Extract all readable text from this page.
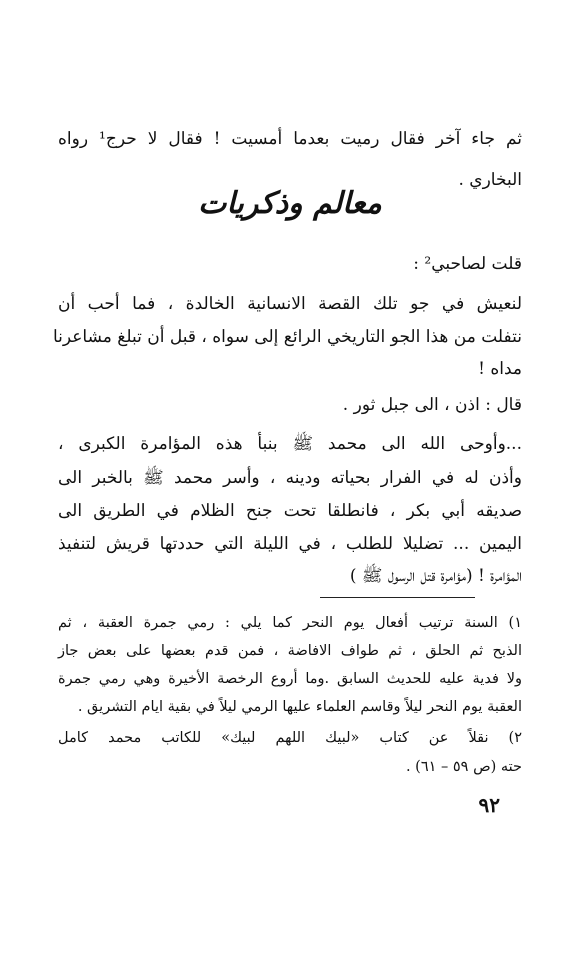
ثم جاء آخر فقال رميت بعدما أمسيت ! فقال لا حرج¹ رواه
البخاري .
معالم وذكريات
قلت لصاحبي² :
لنعيش في جو تلك القصة الانسانية الخالدة ، فما أحب أن
نتفلت من هذا الجو التاريخي الرائع إلى سواه ، قبل أن تبلغ مشاعرنا
مداه !
قال : اذن ، الى جبل ثور .
...وأوحى الله الى محمد ﷺ بنبأ هذه المؤامرة الكبرى ،
وأذن له في الفرار بحياته ودينه ، وأسر محمد ﷺ بالخبر الى
صديقه أبي بكر ، فانطلقا تحت جنح الظلام في الطريق الى
اليمين ... تضليلا للطلب ، في الليلة التي حددتها قريش لتنفيذ
المؤامرة ! (مؤامرة قتل الرسول ﷺ )
١) السنة ترتيب أفعال يوم النحر كما يلي : رمي جمرة العقبة ، ثم
الذبح ثم الحلق ، ثم طواف الافاضة ، فمن قدم بعضها على بعض جاز
ولا فدية عليه للحديث السابق .وما أروع الرخصة الأخيرة وهي رمي جمرة
العقبة يوم النحر ليلاً وقاسم العلماء عليها الرمي ليلاً في بقية ايام التشريق .
٢) نقلاً عن كتاب «لبيك اللهم لبيك» للكاتب محمد كامل
حته (ص ٥٩ – ٦١) .
٩٢
